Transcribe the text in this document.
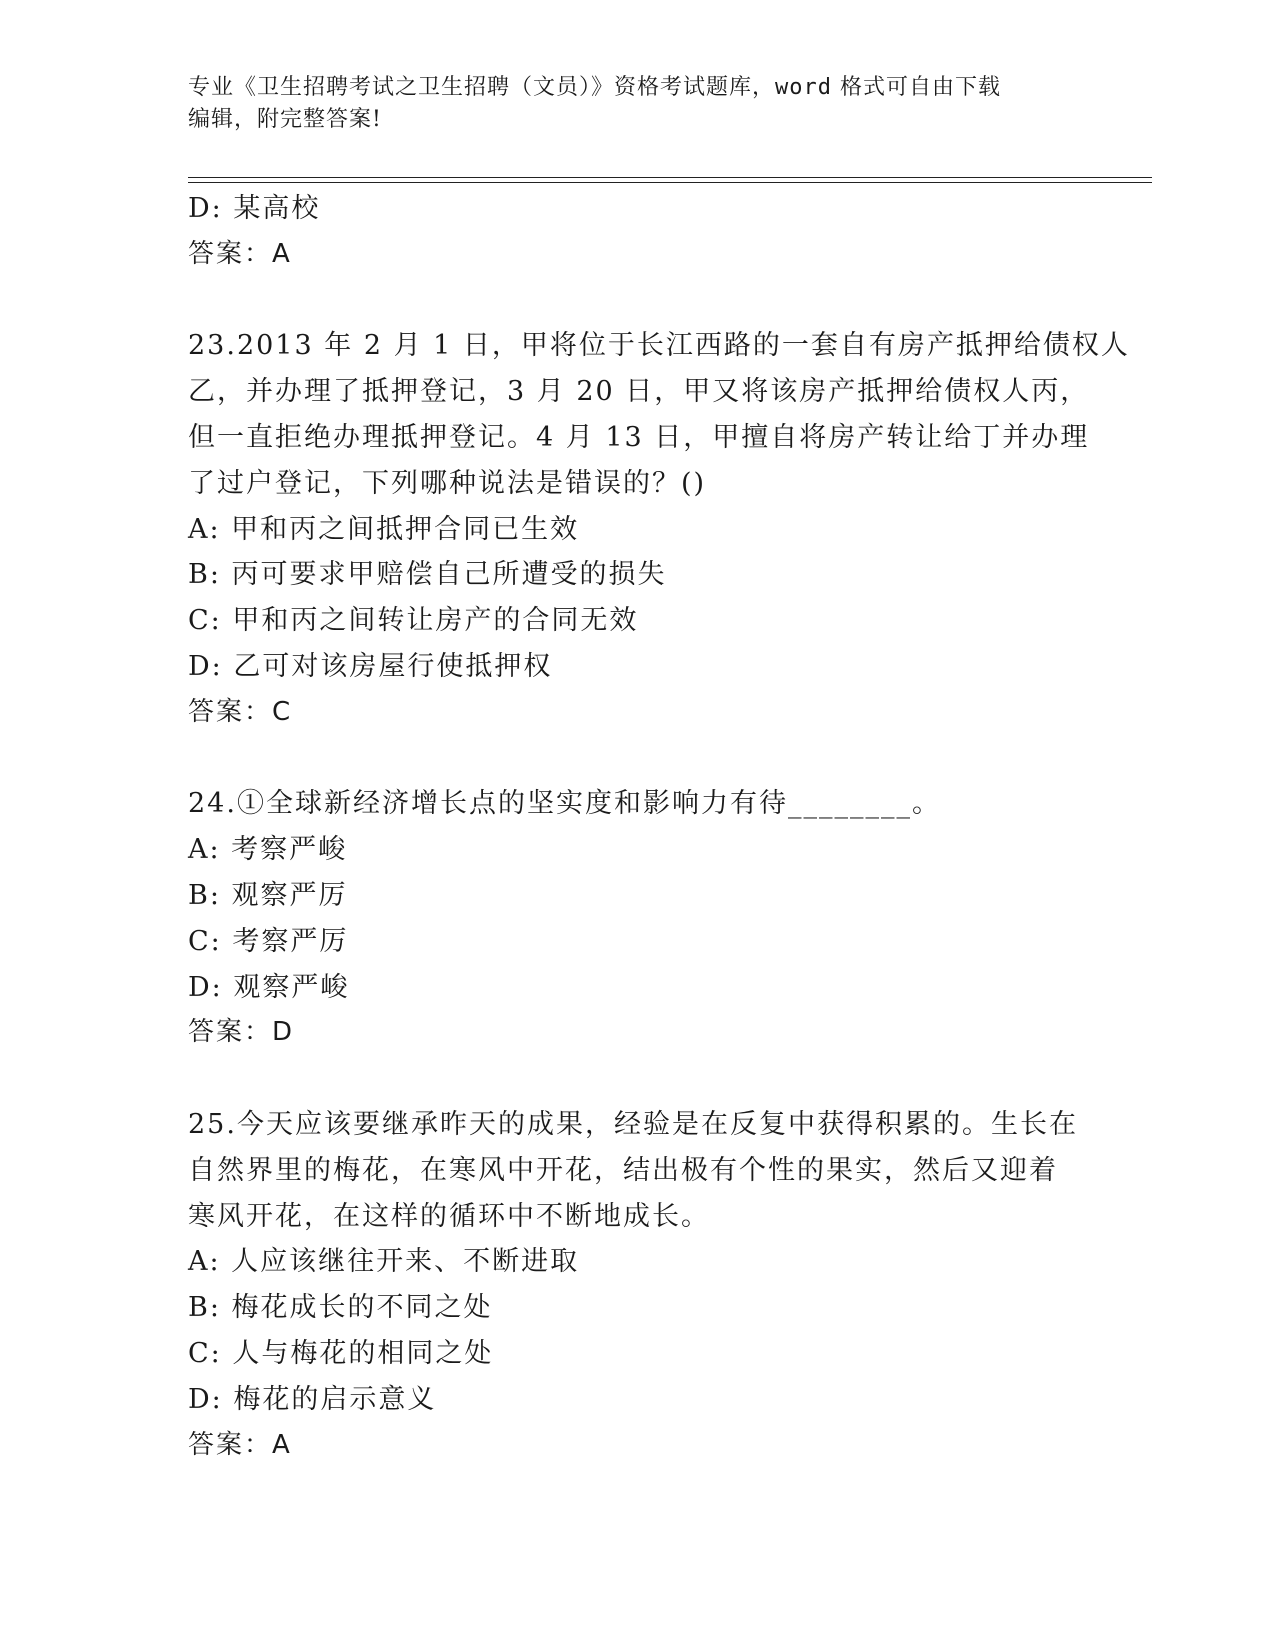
专业《卫生招聘考试之卫生招聘（文员）》资格考试题库，word 格式可自由下载
编辑，附完整答案!
D: 某高校
答案：A
23.2013 年 2 月 1 日，甲将位于长江西路的一套自有房产抵押给债权人
乙，并办理了抵押登记，3 月 20 日，甲又将该房产抵押给债权人丙，
但一直拒绝办理抵押登记。4 月 13 日，甲擅自将房产转让给丁并办理
了过户登记，下列哪种说法是错误的？()
A: 甲和丙之间抵押合同已生效
B: 丙可要求甲赔偿自己所遭受的损失
C: 甲和丙之间转让房产的合同无效
D: 乙可对该房屋行使抵押权
答案：C
24.①全球新经济增长点的坚实度和影响力有待________。
A: 考察严峻
B: 观察严厉
C: 考察严厉
D: 观察严峻
答案：D
25.今天应该要继承昨天的成果，经验是在反复中获得积累的。生长在
自然界里的梅花，在寒风中开花，结出极有个性的果实，然后又迎着
寒风开花，在这样的循环中不断地成长。
A: 人应该继往开来、不断进取
B: 梅花成长的不同之处
C: 人与梅花的相同之处
D: 梅花的启示意义
答案：A
